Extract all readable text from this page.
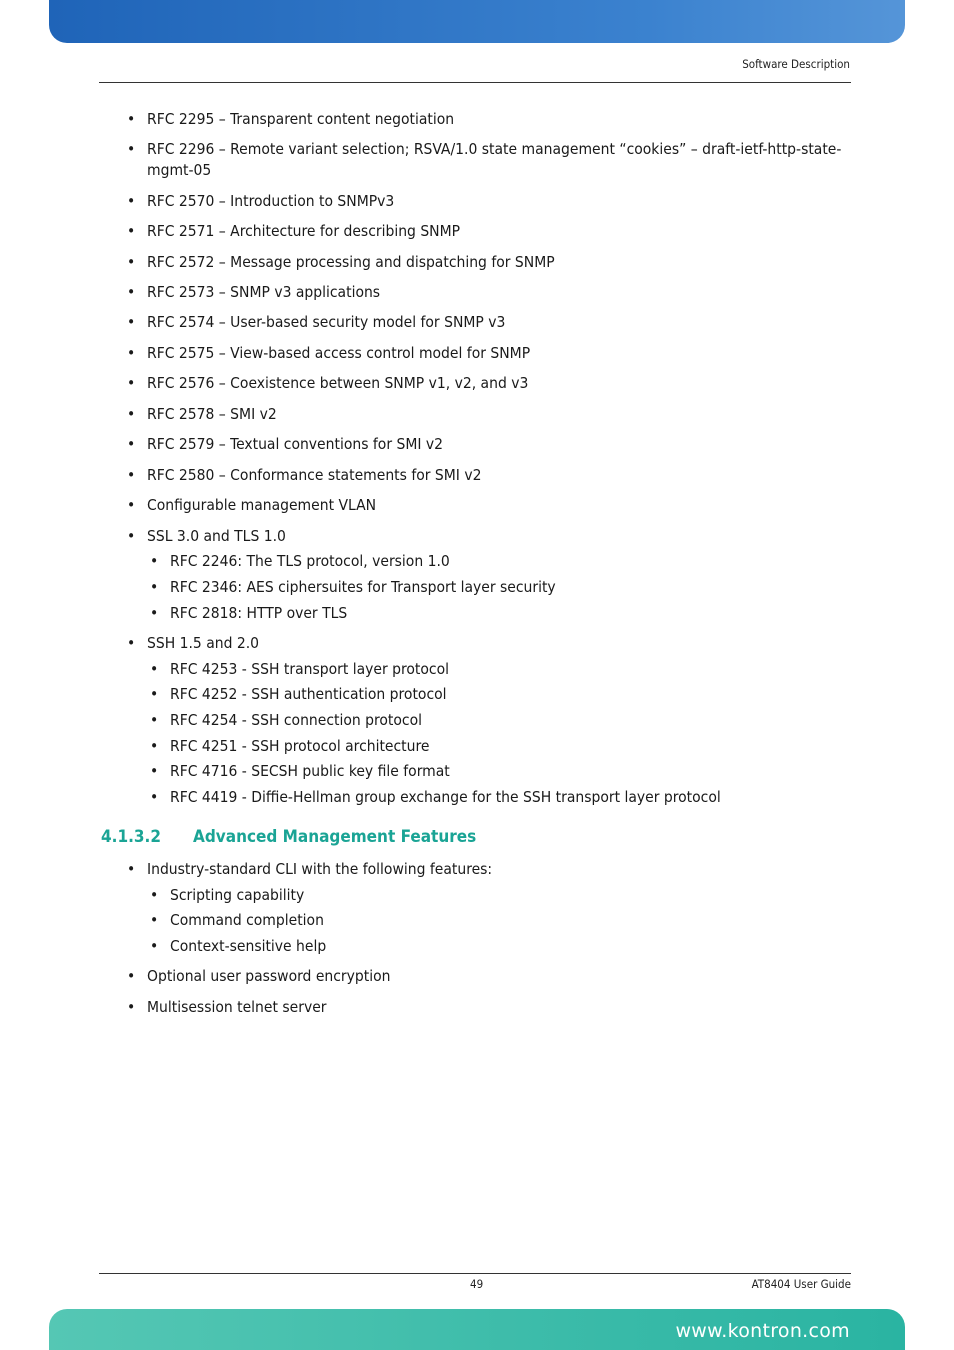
Software Description
• RFC 2295 – Transparent content negotiation
• RFC 2296 – Remote variant selection; RSVA/1.0 state management “cookies” – draft-ietf-http-state-mgmt-05
• RFC 2570 – Introduction to SNMPv3
• RFC 2571 – Architecture for describing SNMP
• RFC 2572 – Message processing and dispatching for SNMP
• RFC 2573 – SNMP v3 applications
• RFC 2574 – User-based security model for SNMP v3
• RFC 2575 – View-based access control model for SNMP
• RFC 2576 – Coexistence between SNMP v1, v2, and v3
• RFC 2578 – SMI v2
• RFC 2579 – Textual conventions for SMI v2
• RFC 2580 – Conformance statements for SMI v2
• Configurable management VLAN
• SSL 3.0 and TLS 1.0
• RFC 2246: The TLS protocol, version 1.0
• RFC 2346: AES ciphersuites for Transport layer security
• RFC 2818: HTTP over TLS
• SSH 1.5 and 2.0
• RFC 4253 - SSH transport layer protocol
• RFC 4252 - SSH authentication protocol
• RFC 4254 - SSH connection protocol
• RFC 4251 - SSH protocol architecture
• RFC 4716 - SECSH public key file format
• RFC 4419 - Diffie-Hellman group exchange for the SSH transport layer protocol
4.1.3.2 Advanced Management Features
• Industry-standard CLI with the following features:
• Scripting capability
• Command completion
• Context-sensitive help
• Optional user password encryption
• Multisession telnet server
49	AT8404 User Guide
www.kontron.com
